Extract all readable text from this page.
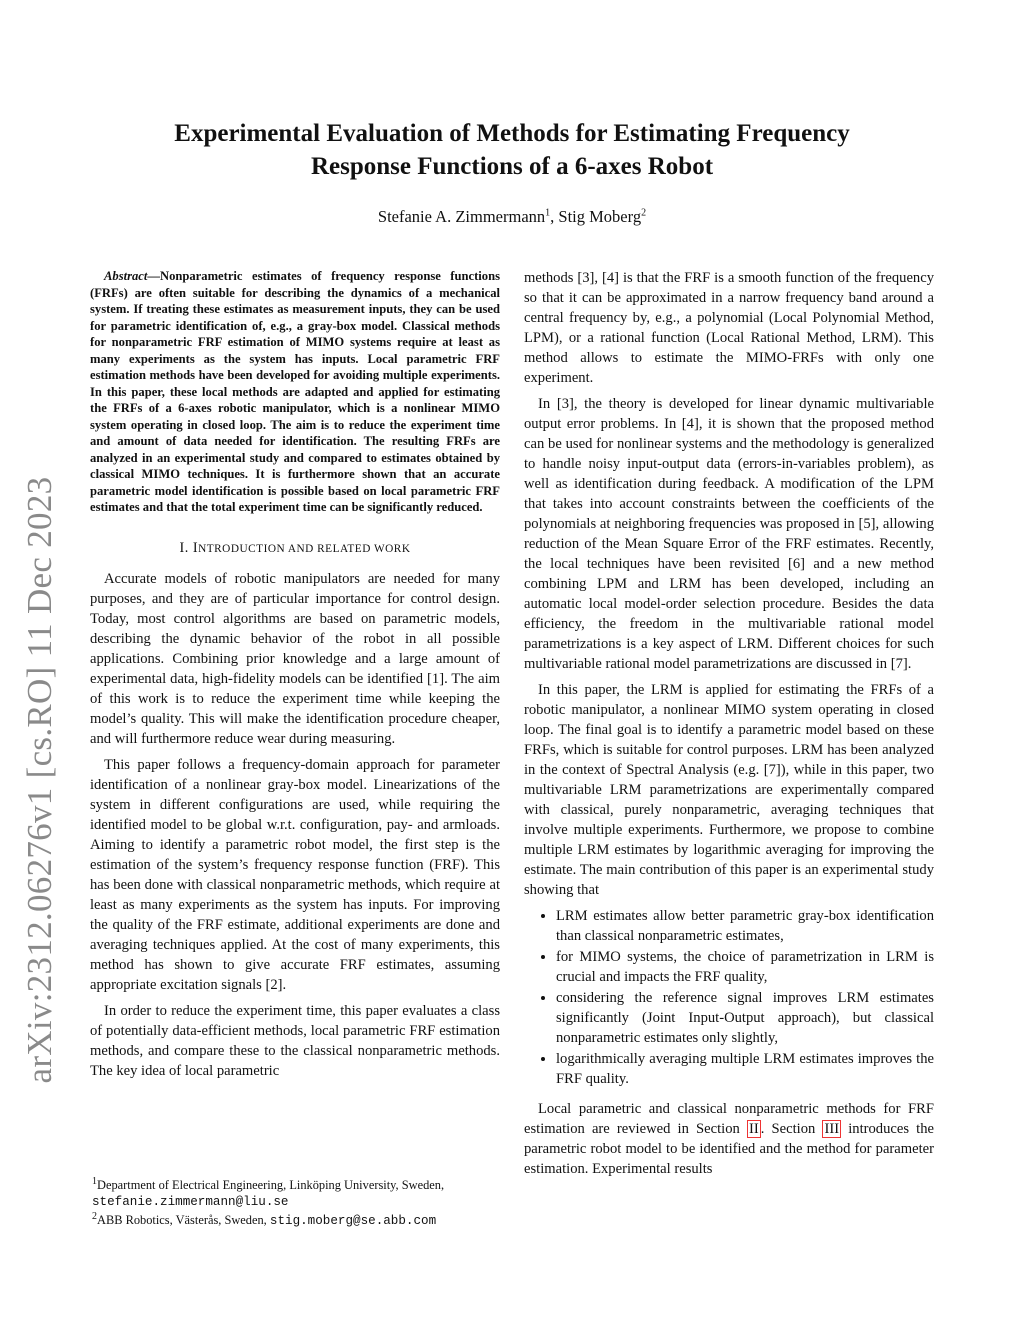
arXiv:2312.06276v1 [cs.RO] 11 Dec 2023
Experimental Evaluation of Methods for Estimating Frequency
Response Functions of a 6-axes Robot
Stefanie A. Zimmermann$^1$, Stig Moberg$^2$

Abstract—Nonparametric estimates of frequency response functions (FRFs) are often suitable for describing the dynamics of a mechanical system. If treating these estimates as measurement inputs, they can be used for parametric identification of, e.g., a gray-box model. Classical methods for nonparametric FRF estimation of MIMO systems require at least as many experiments as the system has inputs. Local parametric FRF estimation methods have been developed for avoiding multiple experiments. In this paper, these local methods are adapted and applied for estimating the FRFs of a 6-axes robotic manipulator, which is a nonlinear MIMO system operating in closed loop. The aim is to reduce the experiment time and amount of data needed for identification. The resulting FRFs are analyzed in an experimental study and compared to estimates obtained by classical MIMO techniques. It is furthermore shown that an accurate parametric model identification is possible based on local parametric FRF estimates and that the total experiment time can be significantly reduced.

I. INTRODUCTION AND RELATED WORK

Accurate models of robotic manipulators are needed for many purposes, and they are of particular importance for control design. Today, most control algorithms are based on parametric models, describing the dynamic behavior of the robot in all possible applications. Combining prior knowledge and a large amount of experimental data, high-fidelity models can be identified [1]. The aim of this work is to reduce the experiment time while keeping the model’s quality. This will make the identification procedure cheaper, and will furthermore reduce wear during measuring.

This paper follows a frequency-domain approach for parameter identification of a nonlinear gray-box model. Linearizations of the system in different configurations are used, while requiring the identified model to be global w.r.t. configuration, pay- and armloads. Aiming to identify a parametric robot model, the first step is the estimation of the system’s frequency response function (FRF). This has been done with classical nonparametric methods, which require at least as many experiments as the system has inputs. For improving the quality of the FRF estimate, additional experiments are done and averaging techniques applied. At the cost of many experiments, this method has shown to give accurate FRF estimates, assuming appropriate excitation signals [2].

In order to reduce the experiment time, this paper evaluates a class of potentially data-efficient methods, local parametric FRF estimation methods, and compare these to the classical nonparametric methods. The key idea of local parametric

$^1$Department of Electrical Engineering, Linköping University, Sweden,
stefanie.zimmermann@liu.se
$^2$ABB Robotics, Västerås, Sweden, stig.moberg@se.abb.com

methods [3], [4] is that the FRF is a smooth function of the frequency so that it can be approximated in a narrow frequency band around a central frequency by, e.g., a polynomial (Local Polynomial Method, LPM), or a rational function (Local Rational Method, LRM). This method allows to estimate the MIMO-FRFs with only one experiment.

In [3], the theory is developed for linear dynamic multivariable output error problems. In [4], it is shown that the proposed method can be used for nonlinear systems and the methodology is generalized to handle noisy input-output data (errors-in-variables problem), as well as identification during feedback. A modification of the LPM that takes into account constraints between the coefficients of the polynomials at neighboring frequencies was proposed in [5], allowing reduction of the Mean Square Error of the FRF estimates. Recently, the local techniques have been revisited [6] and a new method combining LPM and LRM has been developed, including an automatic local model-order selection procedure. Besides the data efficiency, the freedom in the multivariable rational model parametrizations is a key aspect of LRM. Different choices for such multivariable rational model parametrizations are discussed in [7].

In this paper, the LRM is applied for estimating the FRFs of a robotic manipulator, a nonlinear MIMO system operating in closed loop. The final goal is to identify a parametric model based on these FRFs, which is suitable for control purposes. LRM has been analyzed in the context of Spectral Analysis (e.g. [7]), while in this paper, two multivariable LRM parametrizations are experimentally compared with classical, purely nonparametric, averaging techniques that involve multiple experiments. Furthermore, we propose to combine multiple LRM estimates by logarithmic averaging for improving the estimate. The main contribution of this paper is an experimental study showing that

• LRM estimates allow better parametric gray-box identification than classical nonparametric estimates,
• for MIMO systems, the choice of parametrization in LRM is crucial and impacts the FRF quality,
• considering the reference signal improves LRM estimates significantly (Joint Input-Output approach), but classical nonparametric estimates only slightly,
• logarithmically averaging multiple LRM estimates improves the FRF quality.

Local parametric and classical nonparametric methods for FRF estimation are reviewed in Section II . Section III introduces the parametric robot model to be identified and the method for parameter estimation. Experimental results
